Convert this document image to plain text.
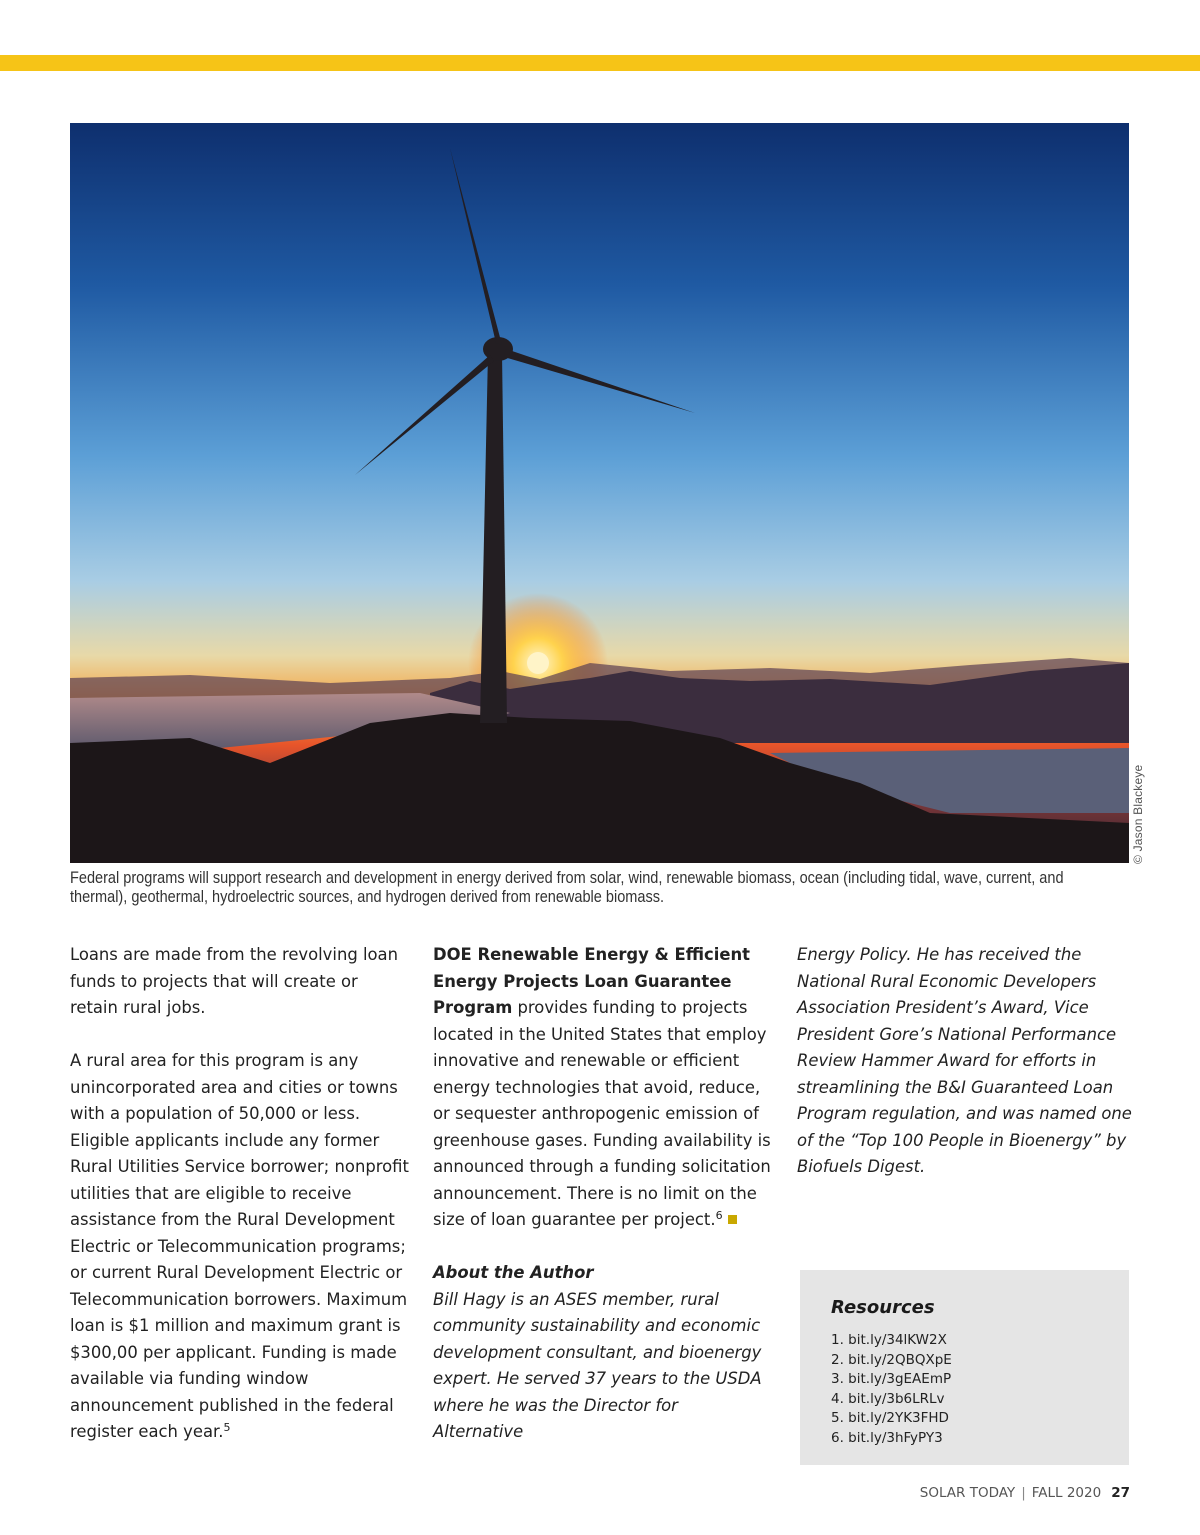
© Jason Blackeye
Federal programs will support research and development in energy derived from solar, wind, renewable biomass, ocean (including tidal, wave, current, and thermal), geothermal, hydroelectric sources, and hydrogen derived from renewable biomass.

Loans are made from the revolving loan funds to projects that will create or retain rural jobs.

A rural area for this program is any unincorporated area and cities or towns with a population of 50,000 or less. Eligible applicants include any former Rural Utilities Service borrower; nonprofit utilities that are eligible to receive assistance from the Rural Development Electric or Telecommunication programs; or current Rural Development Electric or Telecommunication borrowers. Maximum loan is $1 million and maximum grant is $300,00 per applicant. Funding is made available via funding window announcement published in the federal register each year.$^5$

DOE Renewable Energy & Efficient Energy Projects Loan Guarantee Program provides funding to projects located in the United States that employ innovative and renewable or efficient energy technologies that avoid, reduce, or sequester anthropogenic emission of greenhouse gases. Funding availability is announced through a funding solicitation announcement. There is no limit on the size of loan guarantee per project.$^6$

About the Author

Bill Hagy is an ASES member, rural community sustainability and economic development consultant, and bioenergy expert. He served 37 years to the USDA where he was the Director for Alternative

Energy Policy. He has received the National Rural Economic Developers Association President’s Award, Vice President Gore’s National Performance Review Hammer Award for efforts in streamlining the B&I Guaranteed Loan Program regulation, and was named one of the “Top 100 People in Bioenergy” by Biofuels Digest.

Resources
1. bit.ly/34lKW2X
2. bit.ly/2QBQXpE
3. bit.ly/3gEAEmP
4. bit.ly/3b6LRLv
5. bit.ly/2YK3FHD
6. bit.ly/3hFyPY3
SOLAR TODAY | FALL 2020 27
